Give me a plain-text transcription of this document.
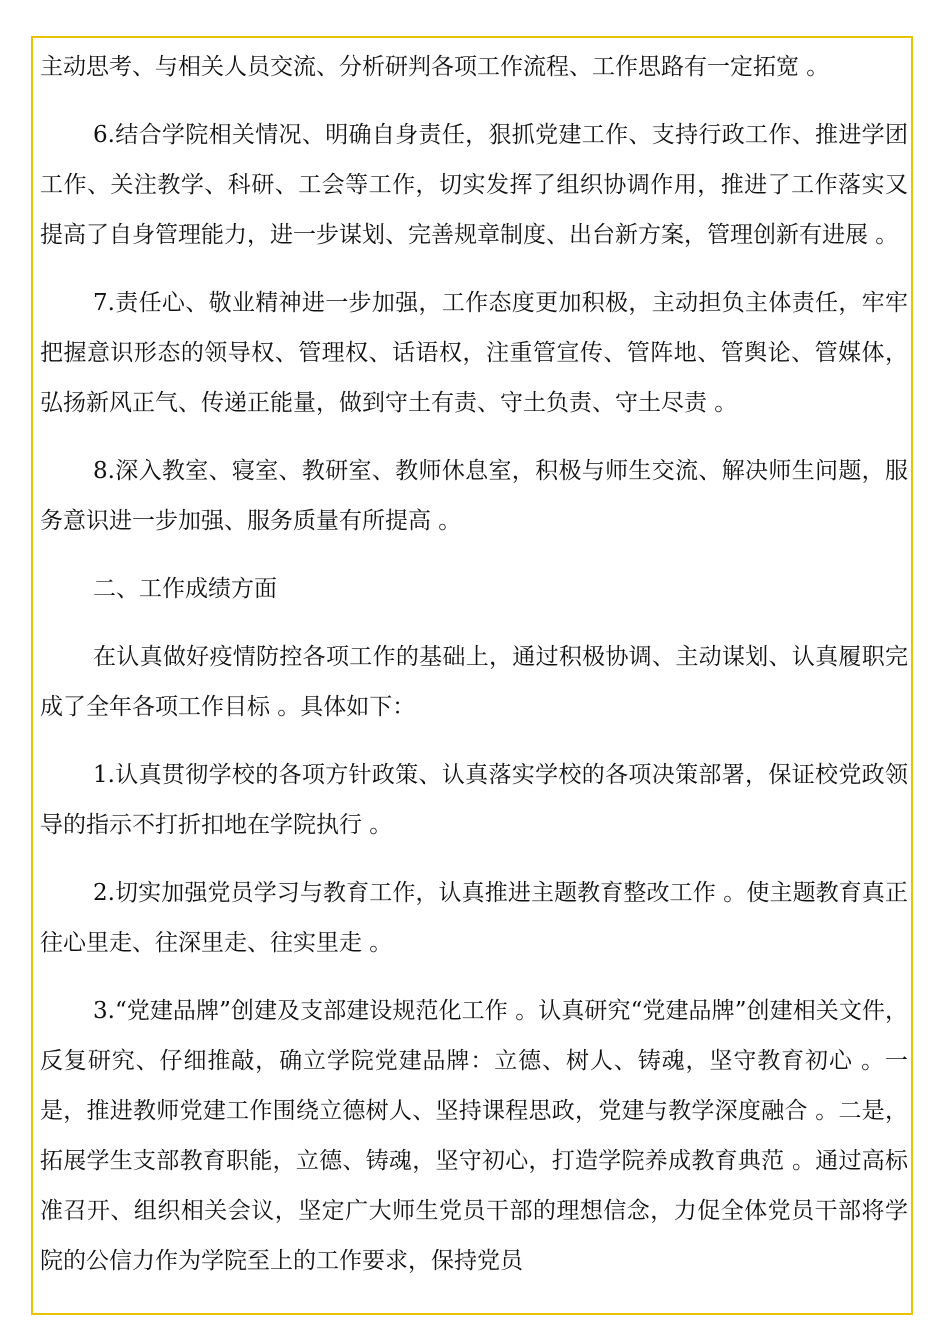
主动思考、与相关人员交流、分析研判各项工作流程、工作思路有一定拓宽 。

6.结合学院相关情况、明确自身责任，狠抓党建工作、支持行政工作、推进学团工作、关注教学、科研、工会等工作，切实发挥了组织协调作用，推进了工作落实又提高了自身管理能力，进一步谋划、完善规章制度、出台新方案，管理创新有进展 。

7.责任心、敬业精神进一步加强，工作态度更加积极，主动担负主体责任，牢牢把握意识形态的领导权、管理权、话语权，注重管宣传、管阵地、管舆论、管媒体，弘扬新风正气、传递正能量，做到守土有责、守土负责、守土尽责 。

8.深入教室、寝室、教研室、教师休息室，积极与师生交流、解决师生问题，服务意识进一步加强、服务质量有所提高 。

二、工作成绩方面

在认真做好疫情防控各项工作的基础上，通过积极协调、主动谋划、认真履职完成了全年各项工作目标 。具体如下：

1.认真贯彻学校的各项方针政策、认真落实学校的各项决策部署，保证校党政领导的指示不打折扣地在学院执行 。

2.切实加强党员学习与教育工作，认真推进主题教育整改工作 。使主题教育真正往心里走、往深里走、往实里走 。

3.“党建品牌”创建及支部建设规范化工作 。认真研究“党建品牌”创建相关文件，反复研究、仔细推敲，确立学院党建品牌：立德、树人、铸魂，坚守教育初心 。一是，推进教师党建工作围绕立德树人、坚持课程思政，党建与教学深度融合 。二是，拓展学生支部教育职能，立德、铸魂，坚守初心，打造学院养成教育典范 。通过高标准召开、组织相关会议，坚定广大师生党员干部的理想信念，力促全体党员干部将学院的公信力作为学院至上的工作要求，保持党员
